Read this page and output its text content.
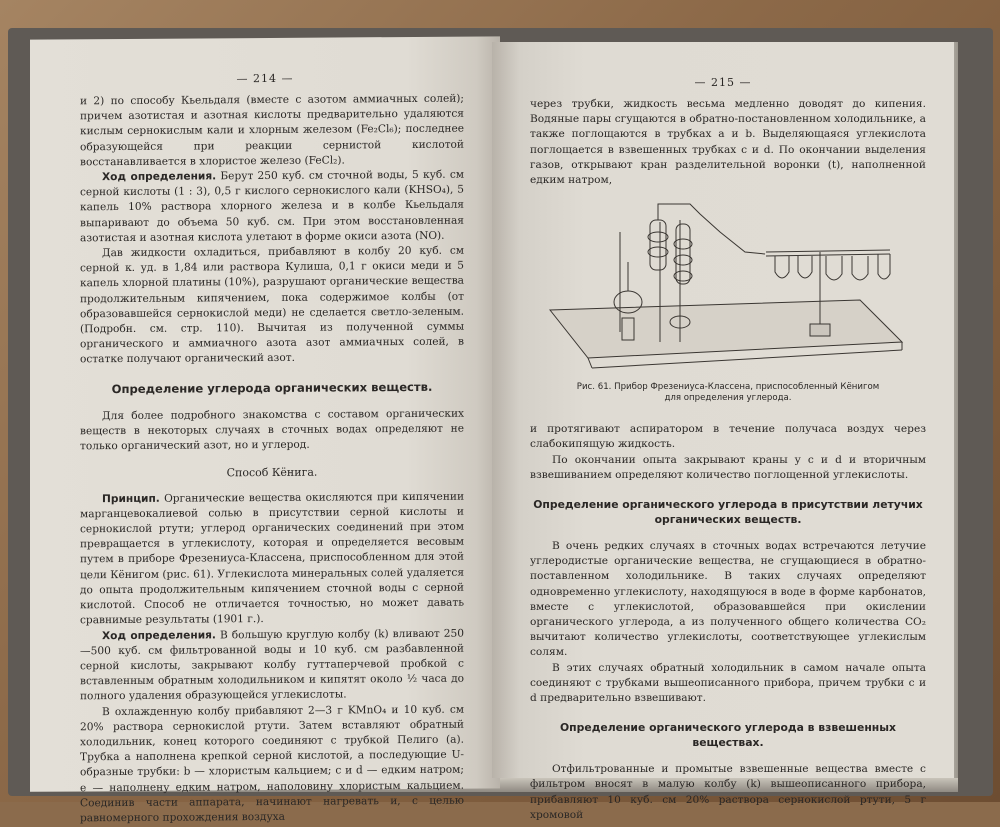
— 214 —

и 2) по способу Кьельдаля (вместе с азотом аммиачных солей); причем азотистая и азотная кислоты предварительно удаляются кислым сернокислым кали и хлорным железом (Fe₂Cl₆); последнее образующейся при реакции сернистой кислотой восстанавливается в хлористое железо (FeCl₂).

Ход определения. Берут 250 куб. см сточной воды, 5 куб. см серной кислоты (1 : 3), 0,5 г кислого сернокислого кали (KHSO₄), 5 капель 10% раствора хлорного железа и в колбе Кьельдаля выпаривают до объема 50 куб. см. При этом восстановленная азотистая и азотная кислота улетают в форме окиси азота (NO).

Дав жидкости охладиться, прибавляют в колбу 20 куб. см серной к. уд. в 1,84 или раствора Кулиша, 0,1 г окиси меди и 5 капель хлорной платины (10%), разрушают органические вещества продолжительным кипячением, пока содержимое колбы (от образовавшейся сернокислой меди) не сделается светло-зеленым. (Подробн. см. стр. 110). Вычитая из полученной суммы органического и аммиачного азота азот аммиачных солей, в остатке получают органический азот.

Определение углерода органических веществ.

Для более подробного знакомства с составом органических веществ в некоторых случаях в сточных водах определяют не только органический азот, но и углерод.

Способ Кёнига.

Принцип. Органические вещества окисляются при кипячении марганцевокалиевой солью в присутствии серной кислоты и сернокислой ртути; углерод органических соединений при этом превращается в углекислоту, которая и определяется весовым путем в приборе Фрезениуса-Классена, приспособленном для этой цели Кёнигом (рис. 61). Углекислота минеральных солей удаляется до опыта продолжительным кипячением сточной воды с серной кислотой. Способ не отличается точностью, но может давать сравнимые результаты (1901 г.).

Ход определения. В большую круглую колбу (k) вливают 250—500 куб. см фильтрованной воды и 10 куб. см разбавленной серной кислоты, закрывают колбу гуттаперчевой пробкой с вставленным обратным холодильником и кипятят около ½ часа до полного удаления образующейся углекислоты.

В охлажденную колбу прибавляют 2—3 г KMnO₄ и 10 куб. см 20% раствора сернокислой ртути. Затем вставляют обратный холодильник, конец которого соединяют с трубкой Пелиго (a). Трубка a наполнена крепкой серной кислотой, а последующие U-образные трубки: b — хлористым кальцием; c и d — едким натром; e — наполнену едким натром, наполовину хлористым кальцием. Соединив части аппарата, начинают нагревать и, с целью равномерного прохождения воздуха

— 215 —

через трубки, жидкость весьма медленно доводят до кипения. Водяные пары сгущаются в обратно-постановленном холодильнике, а также поглощаются в трубках a и b. Выделяющаяся углекислота поглощается в взвешенных трубках c и d. По окончании выделения газов, открывают кран разделительной воронки (t), наполненной едким натром,

Рис. 61. Прибор Фрезениуса-Классена, приспособленный Кёнигом
для определения углерода.

и протягивают аспиратором в течение получаса воздух через слабокипящую жидкость.

По окончании опыта закрывают краны y c и d и вторичным взвешиванием определяют количество поглощенной углекислоты.

Определение органического углерода в присутствии летучих органических веществ.

В очень редких случаях в сточных водах встречаются летучие углеродистые органические вещества, не сгущающиеся в обратно-поставленном холодильнике. В таких случаях определяют одновременно углекислоту, находящуюся в воде в форме карбонатов, вместе с углекислотой, образовавшейся при окислении органического углерода, а из полученного общего количества CO₂ вычитают количество углекислоты, соответствующее углекислым солям.

В этих случаях обратный холодильник в самом начале опыта соединяют с трубками вышеописанного прибора, причем трубки c и d предварительно взвешивают.

Определение органического углерода в взвешенных веществах.

Отфильтрованные и промытые взвешенные вещества вместе с фильтром вносят в малую колбу (k) вышеописанного прибора, прибавляют 10 куб. см 20% раствора сернокислой ртути, 5 г хромовой
